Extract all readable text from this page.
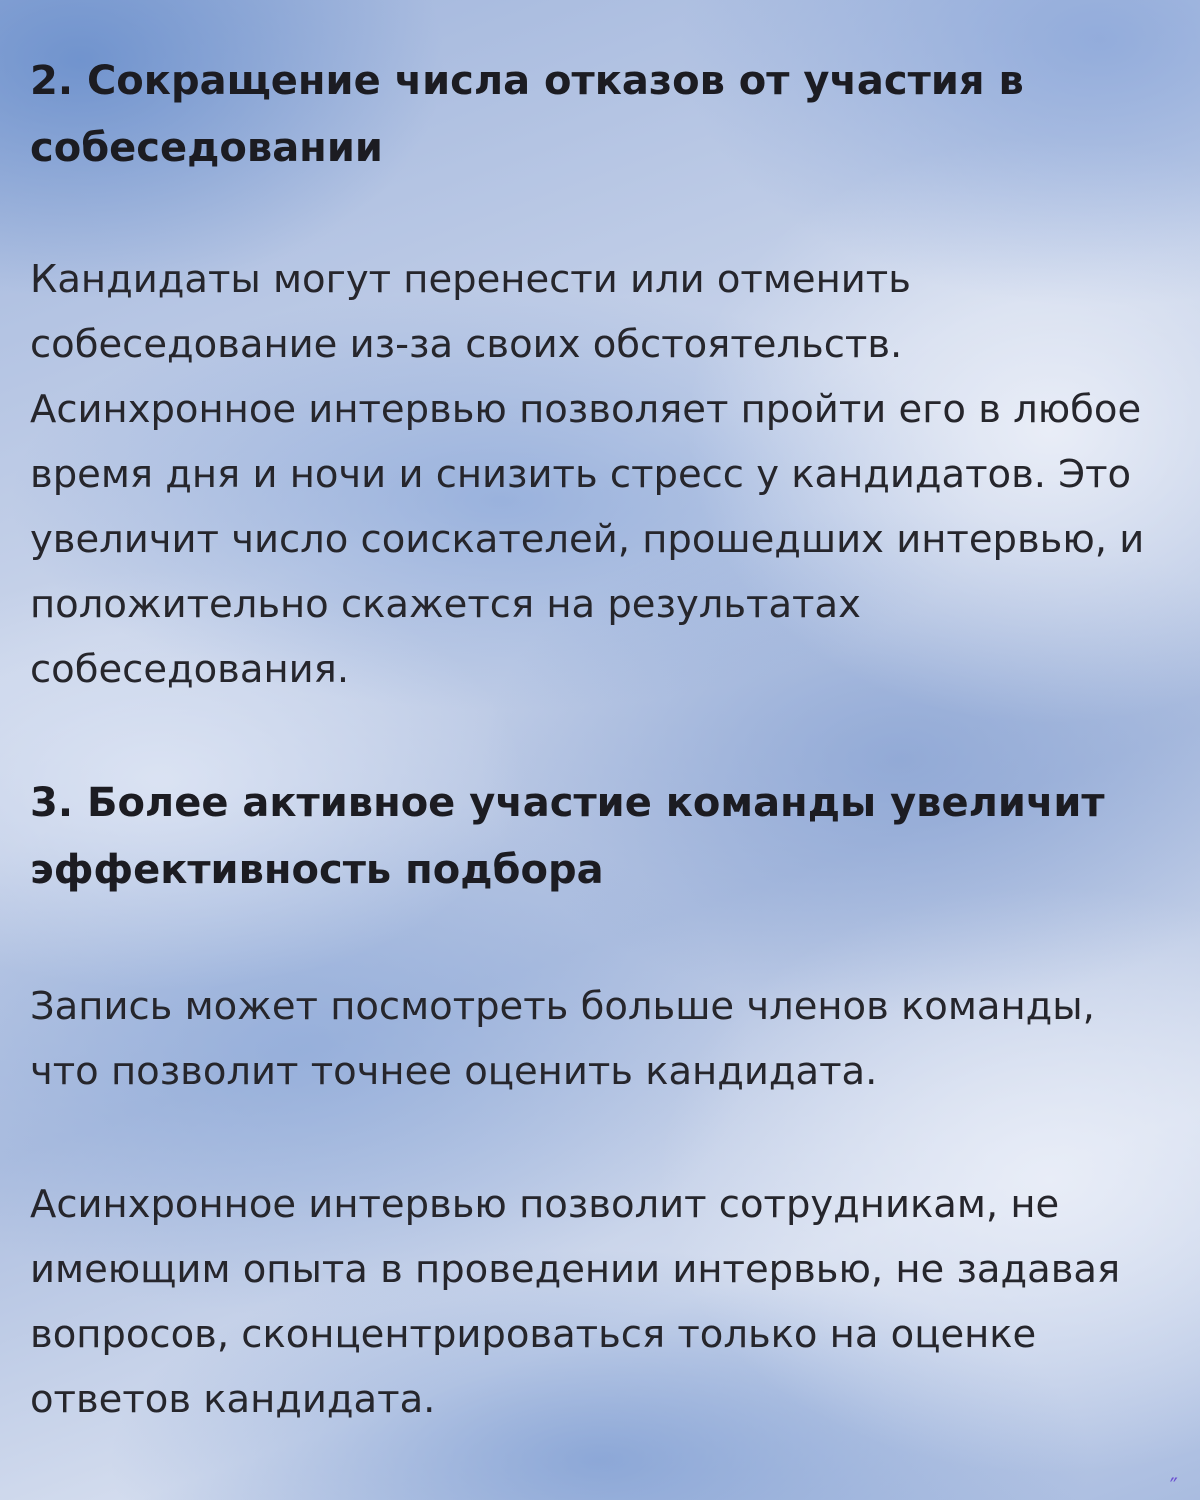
2. Сокращение числа отказов от участия в собеседовании

Кандидаты могут перенести или отменить собеседование из-за своих обстоятельств. Асинхронное интервью позволяет пройти его в любое время дня и ночи и снизить стресс у кандидатов. Это увеличит число соискателей, прошедших интервью, и положительно скажется на результатах собеседования.

3. Более активное участие команды увеличит эффективность подбора

Запись может посмотреть больше членов команды, что позволит точнее оценить кандидата.

Асинхронное интервью позволит сотрудникам, не имеющим опыта в проведении интервью, не задавая вопросов, сконцентрироваться только на оценке ответов кандидата.

″
